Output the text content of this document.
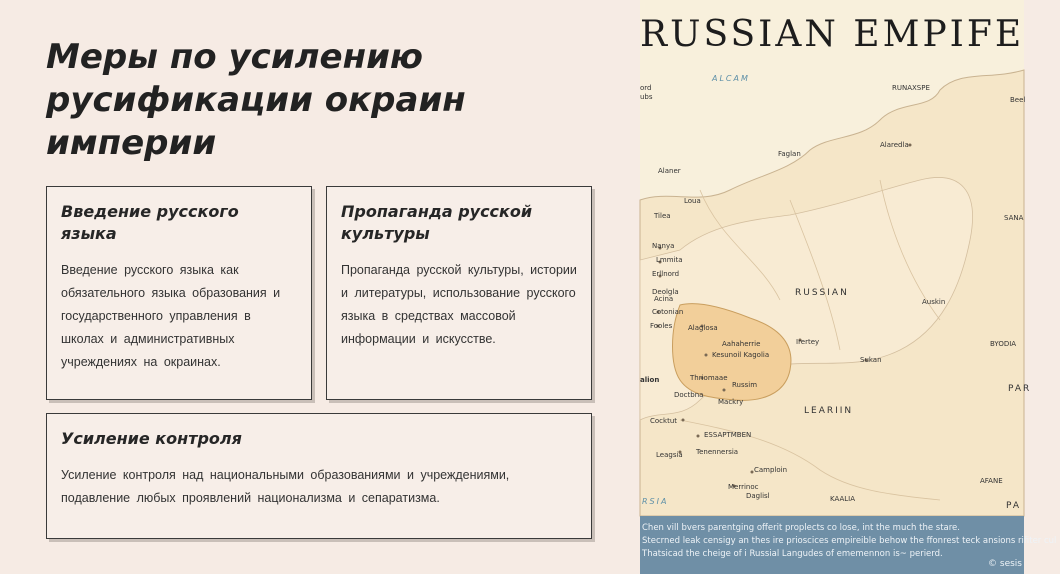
Меры по усилению русификации окраин империи
Введение русского языка

Введение русского языка как обязательного языка образования и государственного управления в школах и административных учреждениях на окраинах.

Пропаганда русской культуры

Пропаганда русской культуры, истории и литературы, использование русского языка в средствах массовой информации и искусстве.

Усиление контроля

Усиление контроля над национальными образованиями и учреждениями, подавление любых проявлений национализма и сепаратизма.

RUSSIAN EMPIFE
ALCAM
RUNAXSPE
Beel
ord
ubs
Faglan
Alaredla
Alaner
Loua
Tilea	SANA
Nanya
Lmmita
Erllnord
Deolgla
Acina
Cotonian
Fooles
RUSSIAN
Auskin
Alaglosa
Aahaherrie
Kesunoil Kagolia
Irertey	BYODIA
Sukan
alion	Thriomaae
Russim	PAR
Doctbna
Mackry
LEARIIN
Cocktut
ESSAPTMBEN
Leagsia Tenennersia
Camploin
Merrinoc
AFANE
Daglisl
RSIA	KAALIA
PA
Chen vill bvers parentging offerit proplects co lose, int the much the stare.
Stecrned leak censigy an thes ire prioscices empireible behow the ffonrest teck ansions rifiter cul
Thatsicad the cheige of i Russial Langudes of ememennon is~ perierd.
© sesis
